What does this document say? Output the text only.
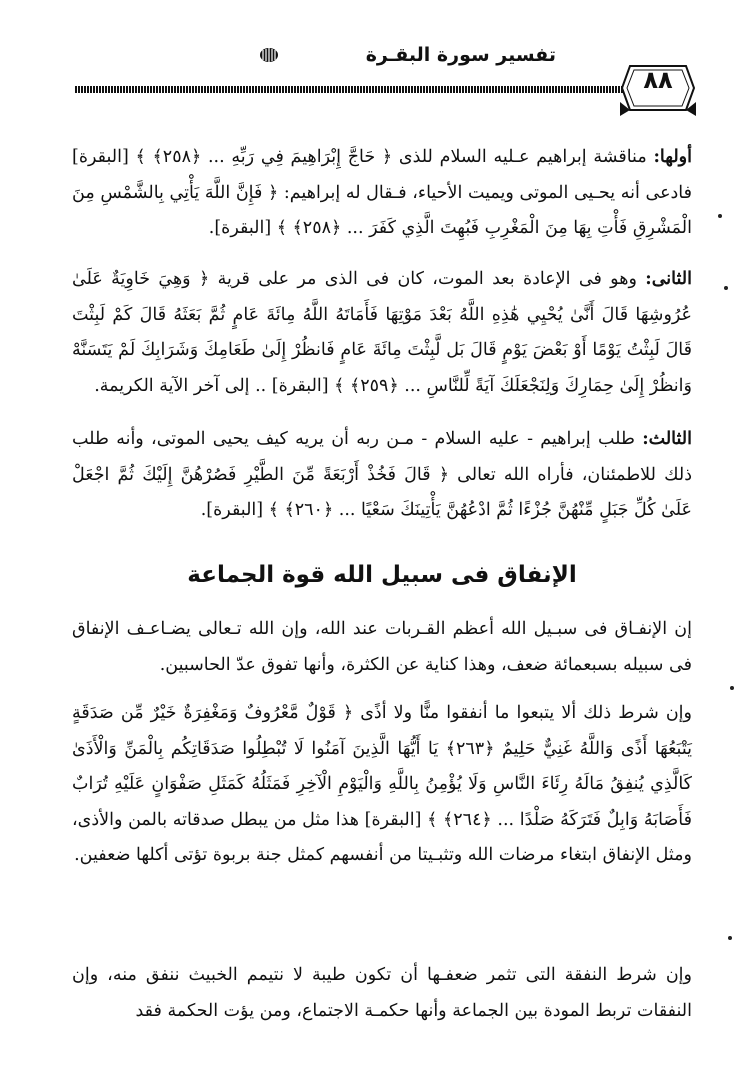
تفسير سورة البقـرة
٨٨
أولها: مناقشة إبراهيم عـليه السلام للذى ﴿ حَاجَّ إِبْرَاهِيمَ فِي رَبِّهِ ... ﴿٢٥٨﴾ ﴾ [البقرة] فادعى أنه يحـيى الموتى ويميت الأحياء، فـقال له إبراهيم: ﴿ فَإِنَّ اللَّهَ يَأْتِي بِالشَّمْسِ مِنَ الْمَشْرِقِ فَأْتِ بِهَا مِنَ الْمَغْرِبِ فَبُهِتَ الَّذِي كَفَرَ ... ﴿٢٥٨﴾ ﴾ [البقرة].
الثانى: وهو فى الإعادة بعد الموت، كان فى الذى مر على قرية ﴿ وَهِيَ خَاوِيَةٌ عَلَىٰ عُرُوشِهَا قَالَ أَنَّىٰ يُحْيِي هَٰذِهِ اللَّهُ بَعْدَ مَوْتِهَا فَأَمَاتَهُ اللَّهُ مِائَةَ عَامٍ ثُمَّ بَعَثَهُ قَالَ كَمْ لَبِثْتَ قَالَ لَبِثْتُ يَوْمًا أَوْ بَعْضَ يَوْمٍ قَالَ بَل لَّبِثْتَ مِائَةَ عَامٍ فَانظُرْ إِلَىٰ طَعَامِكَ وَشَرَابِكَ لَمْ يَتَسَنَّهْ وَانظُرْ إِلَىٰ حِمَارِكَ وَلِنَجْعَلَكَ آيَةً لِّلنَّاسِ ... ﴿٢٥٩﴾ ﴾ [البقرة] .. إلى آخر الآية الكريمة.
الثالث: طلب إبراهيم - عليه السلام - مـن ربه أن يريه كيف يحيى الموتى، وأنه طلب ذلك للاطمئنان، فأراه الله تعالى ﴿ قَالَ فَخُذْ أَرْبَعَةً مِّنَ الطَّيْرِ فَصُرْهُنَّ إِلَيْكَ ثُمَّ اجْعَلْ عَلَىٰ كُلِّ جَبَلٍ مِّنْهُنَّ جُزْءًا ثُمَّ ادْعُهُنَّ يَأْتِينَكَ سَعْيًا ... ﴿٢٦٠﴾ ﴾ [البقرة].
الإنفاق فى سبيل الله قوة الجماعة
إن الإنفـاق فى سبـيل الله أعظم القـربات عند الله، وإن الله تـعالى يضـاعـف الإنفاق فى سبيله بسبعمائة ضعف، وهذا كناية عن الكثرة، وأنها تفوق عدّ الحاسبين.
وإن شرط ذلك ألا يتبعوا ما أنفقوا منًّا ولا أذًى ﴿ قَوْلٌ مَّعْرُوفٌ وَمَغْفِرَةٌ خَيْرٌ مِّن صَدَقَةٍ يَتْبَعُهَا أَذًى وَاللَّهُ غَنِيٌّ حَلِيمٌ ﴿٢٦٣﴾ يَا أَيُّهَا الَّذِينَ آمَنُوا لَا تُبْطِلُوا صَدَقَاتِكُم بِالْمَنِّ وَالْأَذَىٰ كَالَّذِي يُنفِقُ مَالَهُ رِئَاءَ النَّاسِ وَلَا يُؤْمِنُ بِاللَّهِ وَالْيَوْمِ الْآخِرِ فَمَثَلُهُ كَمَثَلِ صَفْوَانٍ عَلَيْهِ تُرَابٌ فَأَصَابَهُ وَابِلٌ فَتَرَكَهُ صَلْدًا ... ﴿٢٦٤﴾ ﴾ [البقرة] هذا مثل من يبطل صدقاته بالمن والأذى، ومثل الإنفاق ابتغاء مرضات الله وتثبـيتا من أنفسهم كمثل جنة بربوة تؤتى أكلها ضعفين.
وإن شرط النفقة التى تثمر ضعفـها أن تكون طيبة لا نتيمم الخبيث ننفق منه، وإن النفقات تربط المودة بين الجماعة وأنها حكمـة الاجتماع، ومن يؤت الحكمة فقد
